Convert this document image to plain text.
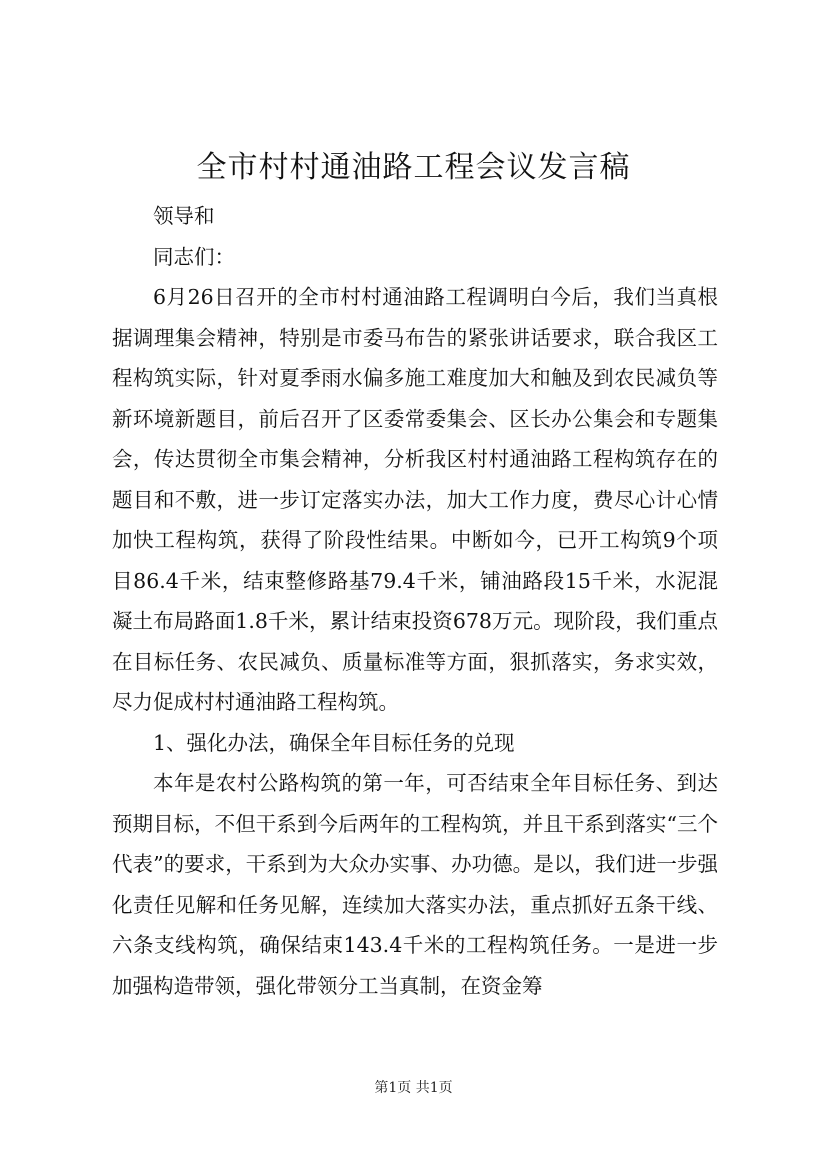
全市村村通油路工程会议发言稿

领导和

同志们：

6月26日召开的全市村村通油路工程调明白今后，我们当真根据调理集会精神，特别是市委马布告的紧张讲话要求，联合我区工程构筑实际，针对夏季雨水偏多施工难度加大和触及到农民减负等新环境新题目，前后召开了区委常委集会、区长办公集会和专题集会，传达贯彻全市集会精神，分析我区村村通油路工程构筑存在的题目和不敷，进一步订定落实办法，加大工作力度，费尽心计心情加快工程构筑，获得了阶段性结果。中断如今，已开工构筑9个项目86.4千米，结束整修路基79.4千米，铺油路段15千米，水泥混凝土布局路面1.8千米，累计结束投资678万元。现阶段，我们重点在目标任务、农民减负、质量标准等方面，狠抓落实，务求实效，尽力促成村村通油路工程构筑。

1、强化办法，确保全年目标任务的兑现

本年是农村公路构筑的第一年，可否结束全年目标任务、到达预期目标，不但干系到今后两年的工程构筑，并且干系到落实“三个代表”的要求，干系到为大众办实事、办功德。是以，我们进一步强化责任见解和任务见解，连续加大落实办法，重点抓好五条干线、六条支线构筑，确保结束143.4千米的工程构筑任务。一是进一步加强构造带领，强化带领分工当真制，在资金筹

第1页 共1页
